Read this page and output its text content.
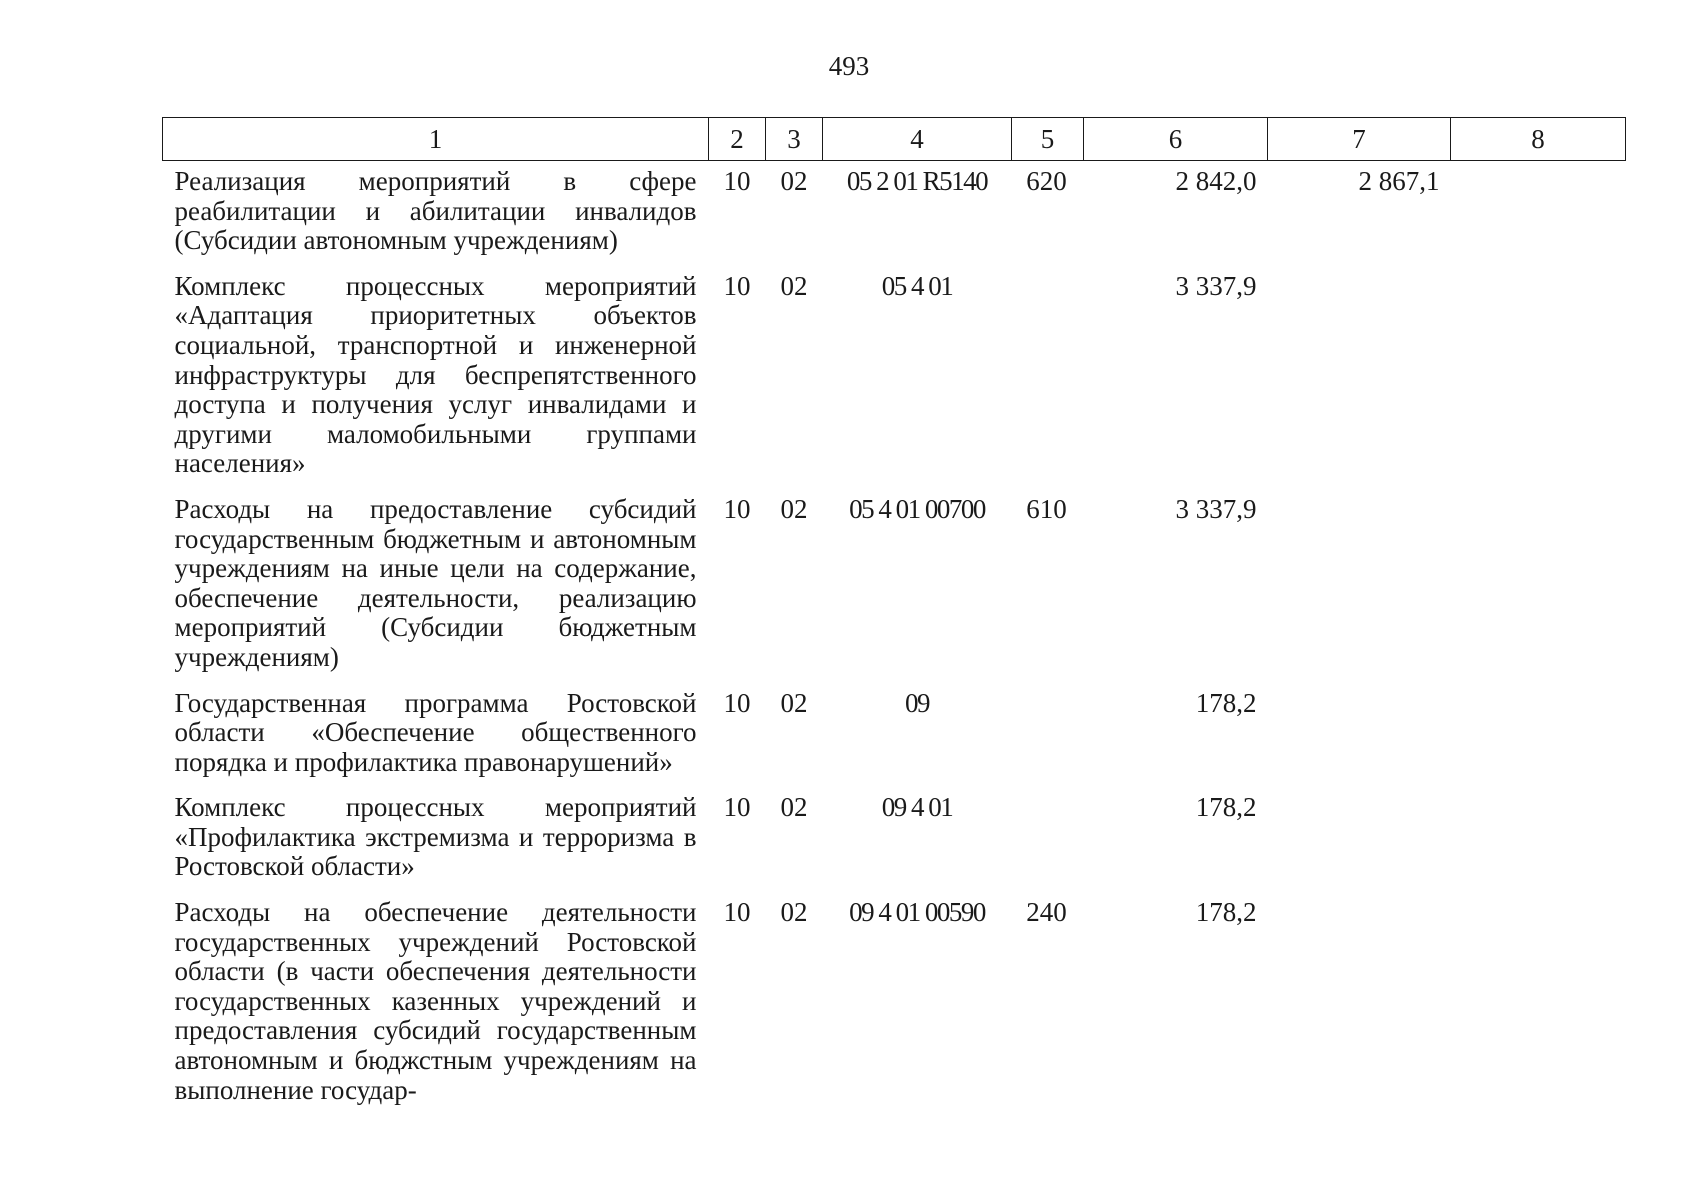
493
1	2	3	4	5	6	7	8
Реализация мероприятий в сфере реабилитации и абилитации инвалидов (Субсидии автономным учреждениям)	10	02	05 2 01 R5140	620	2 842,0	2 867,1	
Комплекс процессных мероприятий «Адаптация приоритетных объектов социальной, транспортной и инженерной инфраструктуры для беспрепятственного доступа и получения услуг инвалидами и другими маломобильными группами населения»	10	02	05 4 01		3 337,9		
Расходы на предоставление субсидий государственным бюджетным и автономным учреждениям на иные цели на содержание, обеспечение деятельности, реализацию мероприятий (Субсидии бюджетным учреждениям)	10	02	05 4 01 00700	610	3 337,9		
Государственная программа Ростовской области «Обеспечение общественного порядка и профилактика правонарушений»	10	02	09		178,2		
Комплекс процессных мероприятий «Профилактика экстремизма и терроризма в Ростовской области»	10	02	09 4 01		178,2		
Расходы на обеспечение деятельности государственных учреждений Ростовской области (в части обеспечения деятельности государственных казенных учреждений и предоставления субсидий государственным автономным и бюджстным учреждениям на выполнение государ-	10	02	09 4 01 00590	240	178,2		
